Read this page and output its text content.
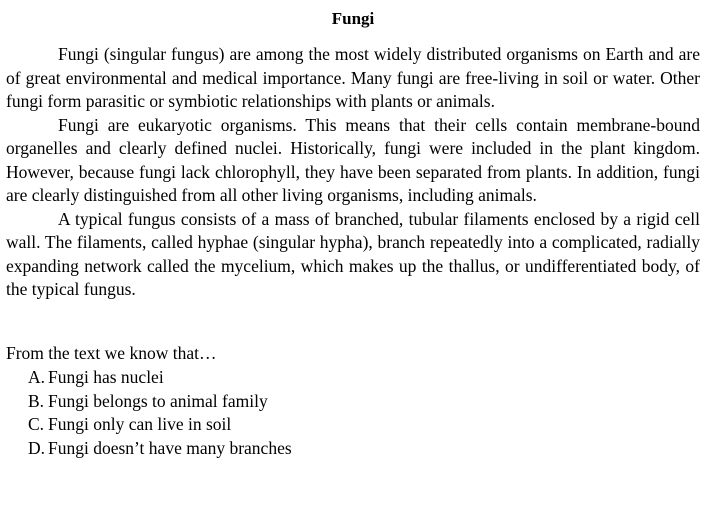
Fungi

Fungi (singular fungus) are among the most widely distributed organisms on Earth and are of great environmental and medical importance. Many fungi are free-living in soil or water. Other fungi form parasitic or symbiotic relationships with plants or animals.

Fungi are eukaryotic organisms. This means that their cells contain membrane-bound organelles and clearly defined nuclei. Historically, fungi were included in the plant kingdom. However, because fungi lack chlorophyll, they have been separated from plants. In addition, fungi are clearly distinguished from all other living organisms, including animals.

A typical fungus consists of a mass of branched, tubular filaments enclosed by a rigid cell wall. The filaments, called hyphae (singular hypha), branch repeatedly into a complicated, radially expanding network called the mycelium, which makes up the thallus, or undifferentiated body, of the typical fungus.

From the text we know that…

A. Fungi has nuclei
B. Fungi belongs to animal family
C. Fungi only can live in soil
D. Fungi doesn’t have many branches
